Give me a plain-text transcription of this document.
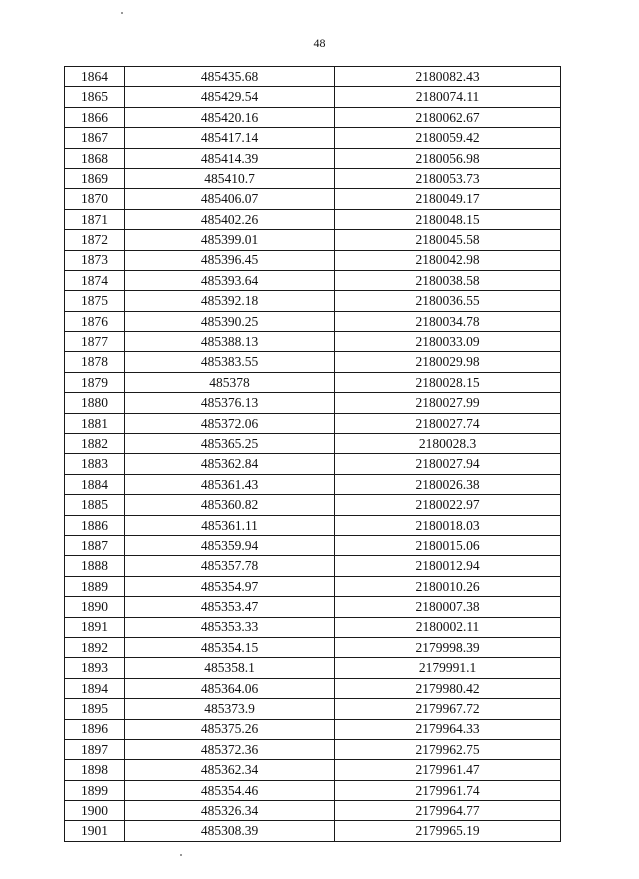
48
1864	485435.68	2180082.43
1865	485429.54	2180074.11
1866	485420.16	2180062.67
1867	485417.14	2180059.42
1868	485414.39	2180056.98
1869	485410.7	2180053.73
1870	485406.07	2180049.17
1871	485402.26	2180048.15
1872	485399.01	2180045.58
1873	485396.45	2180042.98
1874	485393.64	2180038.58
1875	485392.18	2180036.55
1876	485390.25	2180034.78
1877	485388.13	2180033.09
1878	485383.55	2180029.98
1879	485378	2180028.15
1880	485376.13	2180027.99
1881	485372.06	2180027.74
1882	485365.25	2180028.3
1883	485362.84	2180027.94
1884	485361.43	2180026.38
1885	485360.82	2180022.97
1886	485361.11	2180018.03
1887	485359.94	2180015.06
1888	485357.78	2180012.94
1889	485354.97	2180010.26
1890	485353.47	2180007.38
1891	485353.33	2180002.11
1892	485354.15	2179998.39
1893	485358.1	2179991.1
1894	485364.06	2179980.42
1895	485373.9	2179967.72
1896	485375.26	2179964.33
1897	485372.36	2179962.75
1898	485362.34	2179961.47
1899	485354.46	2179961.74
1900	485326.34	2179964.77
1901	485308.39	2179965.19
